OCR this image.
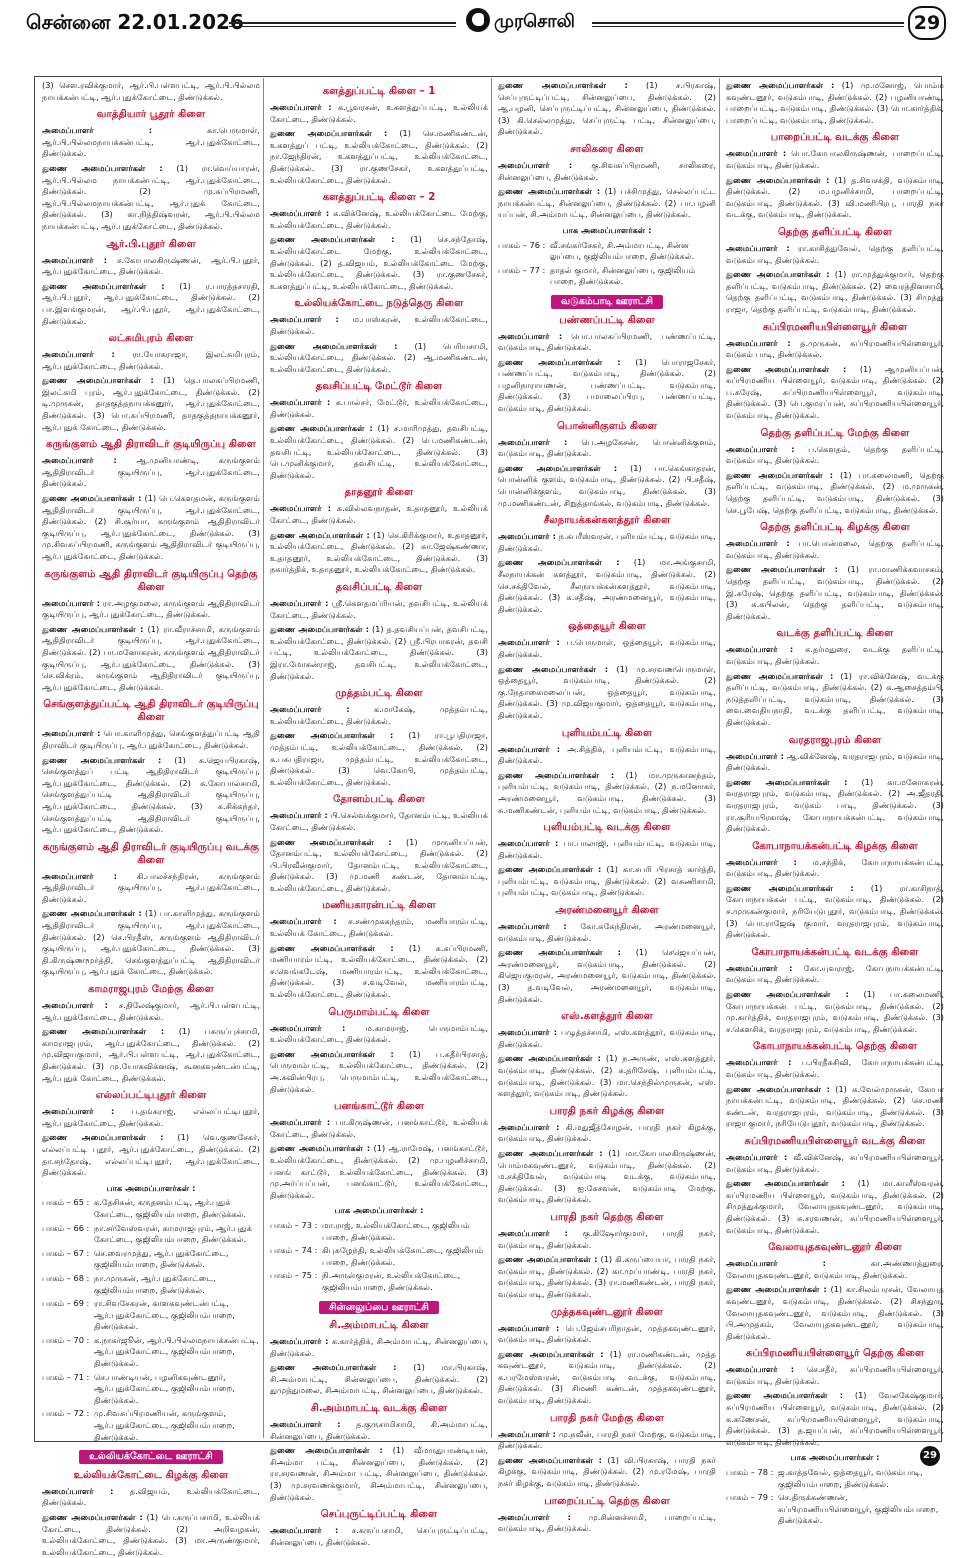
சென்னை 22.01.2026	முரசொலி	29

(3) சௌ.ரவிக்குமார், ஆர்.பி.பள்ளபட்டி, ஆர்.பி.பில்லம நாயக்கன்பட்டி, ஆர்.புதுக்கோட்டை, திண்டுக்கல்.

வாத்தியார் பூதூர் கிளை

அமைப்பாளர் :	கா.பெருமாள், ஆர்.பி.பில்லமநாயக்கன்பட்டி, ஆர்.புதுக்கோட்டை, திண்டுக்கல்.

துணை அமைப்பாளர்கள் : (1) ரா.வெய்யாரன், ஆர்.பி.பில்லம நாயக்கன்பட்டி, ஆர்.புதுக்கோட்டை, திண்டுக்கல். (2) மு.சுப்பிரமணி, ஆர்.பி.பில்லமநாயக்கன்பட்டி, ஆர்.புதுக் கோட்டை, திண்டுக்கல். (3) கா.நித்திஷ்வரன், ஆர்.பி.பில்லம நாயக்கன்பட்டி, ஆர்.புதுக்கோட்டை, திண்டுக்கல்.

ஆர்.பி.புதூர் கிளை

அமைப்பாளர் : ச.கோபாலகிருஷ்ணன், ஆர்.பி.புதூர், ஆர்.புதுக்கோட்டை, திண்டுக்கல்.

துணை அமைப்பாளர்கள் : (1) ர.பாரத்தசாரதி, ஆர்.பி.புதூர், ஆர்.புதுக்கோட்டை, திண்டுக்கல். (2) பா.இளங்குமரன், ஆர்.பி.புதூர், ஆர்.புதுக்கோட்டை, திண்டுக்கல்.

லட்சுமிபுரம் கிளை

அமைப்பாளர் : ரா.யோகராஜா, இலட்சுமிபுரம், ஆர்.புதுக்கோட்டை, திண்டுக்கல்.

துணை அமைப்பாளர்கள் : (1) தெ.பாலசுப்பிரமணி, இலட்சுமி புரம், ஆர்.புதுக்கோட்டை, திண்டுக்கல். (2) டி.முருகன், தாதகுத்தநாயக்கனூர், ஆர்.புதுக்கோட்டை, திண்டுக்கல். (3) பொ.சுப்பிரமணி, தாதகுத்தநாயக்கனூர், ஆர்.புதுக் கோட்டை, திண்டுக்கல்.

கருங்குளம் ஆதி திராவிடர் குடியிருப்பு கிளை

அமைப்பாளர் : ஆ.முனியாண்டி, கருங்குளம் ஆதிதிராவிடர் குடியிருப்பு, ஆர்.புதுக்கோட்டை, திண்டுக்கல்.

துணை அமைப்பாளர்கள் : (1) பெ.கௌதமன், கருங்குளம் ஆதிதிராவிடர் குடியிருப்பு, ஆர்.புதுக்கோட்டை, திண்டுக்கல். (2) சி.சூர்யா, கருங்குளம் ஆதிதிராவிடர் குடியிருப்பு, ஆர்.புதுக்கோட்டை, திண்டுக்கல். (3) மு.சிவசுப்பிரமணி, கருங்குளம் ஆதிதிராவிடர் குடியிருப்பு, ஆர்.புதுக்கோட்டை, திண்டுக்கல்.

கருங்குளம் ஆதி திராவிடர் குடியிருப்பு தெற்கு கிளை

அமைப்பாளர் : ரா.அழகுமலை, கருங்குளம் ஆதிதிராவிடர் குடியிருப்பு, ஆர்.புதுக்கோட்டை, திண்டுக்கல்.

துணை அமைப்பாளர்கள் : (1) ரா.வீராச்சாமி, கருங்குளம் ஆதிதிராவிடர் குடியிருப்பு, ஆர்.புதுக்கோட்டை, திண்டுக்கல். (2) பா.மனோகரன், கருங்குளம் ஆதிதிராவிடர் குடியிருப்பு, ஆர்.புதுக்கோட்டை, திண்டுக்கல். (3) செ.விக்ரம், கருங்குளம் ஆதிதிராவிடர் குடியிருப்பு, ஆர்.புதுக்கோட்டை, திண்டுக்கல்.

செங்குளத்துப்பட்டி ஆதி திராவிடர் குடியிருப்பு கிளை

அமைப்பாளர் : பொ.காளிமுத்து, செங்குளத்துப்பட்டி ஆதி திராவிடர் குடியிருப்பு, ஆர்.புதுக்கோட்டை, திண்டுக்கல்.

துணை அமைப்பாளர்கள் : (1) சு.ஜெயபிரகாஷ், செங்குளத்துப் பட்டி ஆதிதிராவிடர் குடியிருப்பு, ஆர்.புதுக்கோட்டை, திண்டுக்கல். (2) க.கோபால்சாமி, செங்குளத்துப்பட்டி ஆதிதிராவிடர் குடியிருப்பு, ஆர்.புதுக்கோட்டை, திண்டுக்கல். (3) க.சிக்கந்தர், செங்குளத்துப்பட்டி ஆதிதிராவிடர் குடியிருப்பு, ஆர்.புதுக்கோட்டை, திண்டுக்கல்.

கருங்குளம் ஆதி திராவிடர் குடியிருப்பு வடக்கு கிளை

அமைப்பாளர் : கி.பாலச்சந்திரன், கருங்குளம் ஆதிதிராவிடர் குடியிருப்பு, ஆர்.புதுக்கோட்டை, திண்டுக்கல்.

துணை அமைப்பாளர்கள் : (1) பா.காளிமுத்து, கருங்குளம் ஆதிதிராவிடர் குடியிருப்பு, ஆர்.புதுக்கோட்டை, திண்டுக்கல். (2) செ.பிரதீஸ், கருங்குளம் ஆதிதிராவிடர் குடியிருப்பு, ஆர்.புதுக்கோட்டை, திண்டுக்கல். (3) தி.கிருஷ்ணமூர்த்தி, செங்குளத்துப்பட்டி ஆதிதிராவிடர் குடியிருப்பு, ஆர்.புதுக் கோட்டை, திண்டுக்கல்.

காமராஜபுரம் மேற்கு கிளை

அமைப்பாளர் : ச.திலேஷ்குமார், ஆர்.பி.பள்ளபட்டி, ஆர்.புதுக்கோட்டை, திண்டுக்கல்.

துணை அமைப்பாளர்கள் : (1) பசுருப்புச்சாமி, காமராஜபுரம், ஆர்.புதுக்கோட்டை, திண்டுக்கல். (2) மு.விஜயகுமார், ஆர்.பி.பள்ளபட்டி, ஆர்.புதுக்கோட்டை, திண்டுக்கல். (3) மு.யோகவிக்னஷ், கூனகவுண்டன்பட்டி, ஆர்.புதுக் கோட்டை, திண்டுக்கல்.

எல்லப்பட்டிபுதூர் கிளை

அமைப்பாளர் : ப.தங்கராஜ், எல்லப்பட்டிபுதூர், ஆர்.புதுக்கோட்டை, திண்டுக்கல்.

துணை அமைப்பாளர்கள் : (1) வெ.குணசேகர், எல்லப்பட்டி புதூர், ஆர்.புதுக்கோட்டை, திண்டுக்கல். (2) தா.சந்தோஷ், எல்லப்பட்டிபுதூர், ஆர்.புதுக்கோட்டை, திண்டுக்கல்.

பாக அமைப்பாளர்கள் :
பாகம் – 65 : க.தேசிகன், கருதனம்பட்டி, ஆர்.புதுக் கோட்டை, குஜிலியம்பாறை, திண்டுக்கல்.
பாகம் – 66 : நா.சர்வேஸ்வரன், காமராஜபுரம், ஆர்.புதுக் கோட்டை, குஜிலியம்பாறை, திண்டுக்கல்.
பாகம் – 67 : செ.வைரமுத்து, ஆர்.புதுக்கோட்டை, குஜிலியம்பாறை, திண்டுக்கல்.
பாகம் – 68 : நா.முருகன், ஆர்.புதுக்கோட்டை, குஜிலியம்பாறை, திண்டுக்கல்.
பாகம் – 69 : ரா.சிவசேகரன், காளகவுண்டன்பட்டி, ஆர்.புதுக்கோட்டை, குஜிலியம்பாறை, திண்டுக்கல்.
பாகம் – 70 : க.நாகர்ஜூன், ஆர்.பி.பில்லமநாயக்கன்பட்டி, ஆர்.புதுக்கோட்டை, குஜிலியம்பாறை, திண்டுக்கல்.
பாகம் – 71 : செ.பாண்டியன், பழனிகவுண்டனூர், ஆர்.புதுக்கோட்டை, குஜிலியம்பாறை, திண்டுக்கல்.
பாகம் – 72 : மு.சிவசுப்பிரமணியன், கருங்குளம், ஆர்.புதுக்கோட்டை, குஜிலியம்பாறை, திண்டுக்கல்.
உல்லியக்கோட்டை ஊராட்சி
உல்லியக்கோட்டை கிழக்கு கிளை

அமைப்பாளர் : த.விஜயம், உல்லியக்கோட்டை, திண்டுக்கல்.

துணை அமைப்பாளர்கள் : (1) பெ.கருப்பசாமி, உல்லியக் கோட்டை, திண்டுக்கல். (2) அறிவழகன், உல்லியக்கோட்டை, திண்டுக்கல். (3) மா.அருண்குமார், உல்லியக்கோட்டை, திண்டுக்கல்.

களத்துப்பட்டி கிளை – 1

அமைப்பாளர் : க.பூவரசன், உகளத்துப்பட்டி, உல்லியக் கோட்டை, திண்டுக்கல்.

துணை அமைப்பாளர்கள் : (1) செ.மணிகண்டன், உகளத்துப் பட்டி, உல்லியக்கோட்டை, திண்டுக்கல். (2) நா.ஜேந்திரன், உகளத்துப்பட்டி, உல்லியக்கோட்டை, திண்டுக்கல். (3) ரா.குணசேகர், உகளத்துப்பட்டி, உல்லியக்கோட்டை, திண்டுக்கல்.

களத்துப்பட்டி கிளை – 2

அமைப்பாளர் : க.விக்னேஷ், உல்லியக்கோட்டை மேற்கு, உல்லியக்கோட்டை, திண்டுக்கல்.

துணை அமைப்பாளர்கள் : (1) செ.சந்தோஷ், உல்லியக்கோட்டை மேற்கு, உல்லியக்கோட்டை, திண்டுக்கல். (2) த.விஜயம், உல்லியக்கோட்டை மேற்கு, உல்லியக்கோட்டை, திண்டுக்கல். (3) ரா.குணசேகர், உகளத்துப்பட்டி, உல்லியக்கோட்டை, திண்டுக்கல்.

உல்லியக்கோட்டை நடுத்தெரு கிளை

அமைப்பாளர் : ம.பாஸ்கரன், உல்லியக்கோட்டை, திண்டுக்கல்.

துணை அமைப்பாளர்கள் : (1) பெரியசாமி, உல்லியக்கோட்டை, திண்டுக்கல். (2) ஆ.மணிகண்டன், உல்லியக்கோட்டை, திண்டுக்கல்.

தவசிப்பட்டி மேட்டூர் கிளை

அமைப்பாளர் : க.பால்சர், மேட்டூர், உல்லியக்கோட்டை, திண்டுக்கல்.

துணை அமைப்பாளர்கள் : (1) ச.மாரிமுத்து, தவசிபட்டி, உல்லியக்கோட்டை, திண்டுக்கல். (2) பெ.மணிகண்டன், தவசிபட்டி, உல்லியக்கோட்டை, திண்டுக்கல். (3) பெ.முனிக்குமார், தவசிபட்டி, உல்லியக்கோட்டை, திண்டுக்கல்.

தாதனூர் கிளை

அமைப்பாளர் : க.வில்லவநாதன், உதாதனூர், உல்லியக் கோட்டை, திண்டுக்கல்.

துணை அமைப்பாளர்கள் : (1) செ.கிரிக்குமார், உதாதனூர், உல்லியக்கோட்டை, திண்டுக்கல். (2) கா.ஜேஷ்கண்ணா, உதாதனூர், உல்லியக்கோட்டை, திண்டுக்கல். (3) நகார்த்திக், உதாதனூர், உல்லியக்கோட்டை, திண்டுக்கல்.

தவசிப்பட்டி கிளை

அமைப்பாளர் : ஸ்ரீ.கௌதமப்ரியன், தவசிபட்டி, உல்லியக் கோட்டை, திண்டுக்கல்.

துணை அமைப்பாளர்கள் : (1) த.தவசியப்பன், தவசிபட்டி, உல்லியக்கோட்டை, திண்டுக்கல். (2) ஸ்ரீ.பிரபாகரன், தவசி பட்டி, உல்லியக்கோட்டை, திண்டுக்கல். (3) இரா.மோகன்ராஜ், தவசிபட்டி, உல்லியக்கோட்டை, திண்டுக்கல்.

முத்தம்பட்டி கிளை

அமைப்பாளர் :	க.மாகேஷ், முத்தம்பட்டி, உல்லியக்கோட்டை, திண்டுக்கல்.

துணை அமைப்பாளர்கள் : (1) ரா.பூபதிராஜா, முத்தம்பட்டி, உல்லியக்கோட்டை, திண்டுக்கல். (2) க.பசுபதிராஜா, முத்தம்பட்டி, உல்லியக்கோட்டை, திண்டுக்கல். (3) வெ.கோபி, முத்தம்பட்டி, உல்லியக்கோட்டை, திண்டுக்கல்.

தோனம்பட்டி கிளை

அமைப்பாளர் : பி.செல்வக்குமார், தோனம்பட்டி, உல்லியக் கோட்டை, திண்டுக்கல்.

துணை அமைப்பாளர்கள் : (1) முருனியப்பன், தோனம்பட்டி, உல்லியக்கோட்டை, திண்டுக்கல். (2) பி.பிரவீன்குமார், தோனம்பட்டி, உல்லியக்கோட்டை, திண்டுக்கல். (3) மு.மணி கண்டன், தோனம்பட்டி, உல்லியக்கோட்டை, திண்டுக்கல்.

மணியகாரன்பட்டி கிளை

அமைப்பாளர் : ச.சண்முகசுந்தரம், மணியாரம்பட்டி, உல்லியக் கோட்டை, திண்டுக்கல்.

துணை அமைப்பாளர்கள் : (1) க.சுப்பிரமணி, மணியாரம்பட்டி, உல்லியக்கோட்டை, திண்டுக்கல். (2) ச.வெங்கடேஷ், மணியாரம்பட்டி, உல்லியக்கோட்டை, திண்டுக்கல். (3) ச.வடிவேல், மணியாரம்பட்டி, உல்லியக்கோட்டை, திண்டுக்கல்.

பெருமாம்பட்டி கிளை

அமைப்பாளர் : ம.காமராஜ், பெருமாம்பட்டி, உல்லியக்கோட்டை, திண்டுக்கல்.

துணை அமைப்பாளர்கள் : (1) ப.சுதீர்பிரசாத், பெருமாம்பட்டி, உல்லியக்கோட்டை, திண்டுக்கல். (2) அ.சுவின்பிரபு, பெருமாம்பட்டி, உல்லியக்கோட்டை, திண்டுக்கல்.

பனங்காட்டூர் கிளை

அமைப்பாளர் : பா.கிருஷ்ணன், பனங்காட்டூர், உல்லியக் கோட்டை, திண்டுக்கல்.

துணை அமைப்பாளர்கள் : (1) ஆ.ராமேஷ், பனங்காட்டூர், உல்லியக்கோட்டை, திண்டுக்கல். (2) மு.பழனிச்சாமி, பனங் காட்டூர், உல்லியக்கோட்டை, திண்டுக்கல். (3) மு.அர்ப்பப்பன், பனங்காட்டூர், உல்லியக்கோட்டை, திண்டுக்கல்.

பாக அமைப்பாளர்கள் :
பாகம் – 73 : மா.ராஜ், உல்லியக்கோட்டை, குஜிலியம் பாறை, திண்டுக்கல்.
பாகம் – 74 : கிபுகழேந்தி, உல்லியக்கோட்டை, குஜிலியம் பாறை, திண்டுக்கல்.
பாகம் – 75 : நி.அருள்குமரன், உல்லியக்கோட்டை, குஜிலியம்பாறை, திண்டுக்கல்.
சின்னலுப்பை ஊராட்சி
சி.அம்மாபட்டி கிளை

அமைப்பாளர் : க.கார்த்திக், சிஅம்மாபட்டி, சின்னலுப்பை, திண்டுக்கல்.

துணை அமைப்பாளர்கள் : (1) மா.பிரகாஷ், சி.அம்மாபட்டி, சின்னலுப்பை, திண்டுக்கல். (2) துமுத்துமலை, சிஅம்மாபட்டி, சின்னலுப்பை, திண்டுக்கல்.

சி.அம்மாபட்டி வடக்கு கிளை

அமைப்பாளர் : த.குருசாமிசாமி, சி.அம்மாபட்டி, சின்னலுப்பை, திண்டுக்கல்.

துணை அமைப்பாளர்கள் : (1) வீமருதுபாண்டியன், சிஅம்மா பட்டி, சின்னலுப்பை, திண்டுக்கல். (2) ரா.சரவணன், சிஅம்மா பட்டி, சின்னலுப்பை, திண்டுக்கல். (3) மு.சரவணக்குமார், சிஅம்மாபட்டி, சின்னலுப்பை, திண்டுக்கல்.

செப்புருட்டிப்பட்டி கிளை

அமைப்பாளர் : ச.கருப்பசாமி, செப்புருட்டிப்பட்டி, சின்னலுப்பை, திண்டுக்கல்.

துணை அமைப்பாளர்கள் : (1) ச.பிரகாஷ், செப்புருட்டிப்பட்டி, சின்னலுப்பை, திண்டுக்கல். (2) ஆ.பழனி, செப்புருட்டிப்பட்டி, சின்னலுப்பை, திண்டுக்கல். (3) கி.செல்லமுத்து, செப்புருட்டி பட்டி, சின்னலுப்பை, திண்டுக்கல்.

சாலிகரை கிளை

அமைப்பாளர் : கு.சிவசுப்பிரமணி, சாலிகரை, சின்னலுப்பை, திண்டுக்கல்.

துணை அமைப்பாளர்கள் : (1) பச்சிமுத்து, செல்லப்பட்ட நாயக்கன்பட்டி, சின்னலுப்பை, திண்டுக்கல். (2) பா.பழனி யப்பன், சி.அம்மாபட்டி, சின்னலுப்பை, திண்டுக்கல்.

பாக அமைப்பாளர்கள் :
பாகம் – 76 : வீ.சங்கர்சேகர், சி.அம்மாபட்டி, சின்ன லுப்பை, குஜிலியம்பாறை, திண்டுக்கல்.
பாகம் – 77 : தாதல் குமார், சின்னலுப்பை, குஜிலியம் பாறை, திண்டுக்கல்.
வடுகம்பாடி ஊராட்சி
பண்ணப்பட்டி கிளை

அமைப்பாளர் : பொ.பாலசுப்பிரமணி, பண்ணப்பட்டி, வடுகம்பாடி, திண்டுக்கல்.

துணை அமைப்பாளர்கள் : (1) பொராஜசேகர், பண்ணப்பட்டி, வடுகம்பாடி, திண்டுக்கல். (2) பழனிநாராயணன், பண்ணப்பட்டி, வடுகம்பாடி, திண்டுக்கல். (3) பமாலைப்பிரபு, பண்ணப்பட்டி, வடுகம்பாடி, திண்டுக்கல்.

பொன்னிகுளம் கிளை

அமைப்பாளர் : பெ.அழகேசன், பொன்னிக்குளம், வடுகம்பாடி, திண்டுக்கல்.

துணை அமைப்பாளர்கள் : (1) பா.கெங்காதரன், பொன்னிக் குளம், வடுகம்பாடி, திண்டுக்கல். (2) பி.சதீஷ், பொன்னிக்குளம், வடுகம்பாடி, திண்டுக்கல். (3) மு.மணிகண்டன், சிறுத்தாங்கல், வடுகம்பாடி, திண்டுக்கல்.

சீலநாயக்கன்களத்தூர் கிளை

அமைப்பாளர் : ந.சுபரீஸ்வரன், புளியம்பட்டி, வடுகம்பாடி, திண்டுக்கல்.

துணை அமைப்பாளர்கள் : (1) மா.அங்குசாமி, சீலநாயக்கன் களத்தூர், வடுகம்பாடி, திண்டுக்கல். (2) செ.சக்திவேல், சீலநாயக்கன்களத்தூர், வடுகம்பாடி, திண்டுக்கல். (3) சு.சதீஷ், அரண்மனையூர், வடுகம்பாடி, திண்டுக்கல்.

ஒத்தையூர் கிளை

அமைப்பாளர் : ப.பெருமாள், ஒத்தையூர், வடுகம்பாடி, திண்டுக்கல்.

துணை அமைப்பாளர்கள் : (1) மு.சரவணபெருமாள், ஒத்தையூர், வடுகம்பாடி, திண்டுக்கல். (2) கு.நேதாகைமலைப்பன், ஒத்தையூர், வடுகம்பாடி, திண்டுக்கல். (3) மு.விஜயகுமார், ஒத்தையூர், வடுகம்பாடி, திண்டுக்கல்.

புளியம்பட்டி கிளை

அமைப்பாளர் : அ.சித்திக், புளியம்பட்டி, வடுகம்பாடி, திண்டுக்கல்.

துணை அமைப்பாளர்கள் : (1) மா.முருகானந்தம், புளியம்பட்டி, வடுகம்பாடி, திண்டுக்கல். (2) ந.மனோகர், அரண்மனையூர், வடுகம்பாடி, திண்டுக்கல். (3) சு.மணிகண்டன், புளியம்பட்டி, வடுகம்பாடி, திண்டுக்கல்.

புளியம்பட்டி வடக்கு கிளை

அமைப்பாளர் : பா.பாலாஜி, புளியம்பட்டி, வடுகம்பாடி, திண்டுக்கல்.

துணை அமைப்பாளர்கள் : (1) கா.சபரி பிரசாத் கார்த்தி, புளியம்பட்டி, வடுகம்பாடி, திண்டுக்கல். (2) வசுணிசாமி, புளியம்பட்டி, வடுகம்பாடி, திண்டுக்கல்.

அரண்மனையூர் கிளை

அமைப்பாளர் : கோ.சுகேந்திரன், அரண்மனையூர், வடுகம்பாடி, திண்டுக்கல்.

துணை அமைப்பாளர்கள் : (1) செஜெயப்பன், அரண்மனையூர், வடுகம்பாடி, திண்டுக்கல். (2) கிஜெயகுமரன், அரண்மனையூர், வடுகம்பாடி, திண்டுக்கல். (3) த.வடிவேல், அரண்மனையூர், வடுகம்பாடி, திண்டுக்கல்.

எஸ்.களத்தூர் கிளை

அமைப்பாளர் : பழுத்தச்சாமி, எஸ்.களத்தூர், வடுகம்பாடி, திண்டுக்கல்.

துணை அமைப்பாளர்கள் : (1) ந.அருண், எஸ்.களத்தூர், வடுகம்பாடி, திண்டுக்கல். (2) க.தரிசேஷ், புளியம்பட்டி, வடுகம்பாடி, திண்டுக்கல். (3) மா.செந்தில்முருகன், எஸ். களத்தூர், வடுகம்பாடி, திண்டுக்கல்.

பாரதி நகர் கிழக்கு கிளை

அமைப்பாளர் : கி.மதுஜீத்சோழன், பாரதி நகர் கிழக்கு, வடுகம்பாடி, திண்டுக்கல்.

துணை அமைப்பாளர்கள் : (1) மா.கோபாலகிருஷ்ணன், பொம்மகவுண்டனூர், வடுகம்பாடி, திண்டுக்கல். (2) ம.சக்திவேல், வடுகம்பாடி வடக்கு, வடுகம்பாடி, திண்டுக்கல். (3) ஐ.கேசவன், வடுகம்பாடி மேற்கு, வடுகம்பாடி, திண்டுக்கல்.

பாரதி நகர் தெற்கு கிளை

அமைப்பாளர் : கு.கிஷோர்குமார், பாரதி நகர், வடுகம்பாடி, திண்டுக்கல்.

துணை அமைப்பாளர்கள் : (1) கி.கருப்பையா, பாரதி நகர், வடுகம்பாடி, திண்டுக்கல். (2) கா.முப்பாண்டி, பாரதி நகர், வடுகம்பாடி, திண்டுக்கல். (3) ரா.மணிகண்டன், பாரதி நகர், வடுகம்பாடி, திண்டுக்கல்.

முத்தகவுண்டனூர் கிளை

அமைப்பாளர் : பெ.ஜேம்சபரிநாதன், முத்தகவுண்டனூர், வடுகம்பாடி, திண்டுக்கல்.

துணை அமைப்பாளர்கள் : (1) ரா.மணிகண்டன், முத்த கவுண்டனூர், வடுகம்பாடி, திண்டுக்கல். (2) க.பரமேஸ்வரன், வடுகம்பாடி வடக்கு, வடுகம்பாடி, திண்டுக்கல். (3) சிமணி கண்டன், முத்தகவுண்டனூர், வடுகம்பாடி, திண்டுக்கல்.

பாரதி நகர் மேற்கு கிளை

அமைப்பாளர் : மு.நவீன், பாரதி நகர் மேற்கு, வடுகம்பாடி, திண்டுக்கல்.

துணை அமைப்பாளர்கள் : (1) வி.பிரகாஷ், பாரதி நகர் கிழக்கு, வடுகம்பாடி, திண்டுக்கல். (2) மு.ரமேஷ், பாரதி நகர் கிழக்கு, வடுகம்பாடி, திண்டுக்கல்.

பாறைப்பட்டி தெற்கு கிளை

அமைப்பாளர் : மு.சின்னச்சாமி, பாறைப்பட்டி, வடுகம்பாடி, திண்டுக்கல்.

துணை அமைப்பாளர்கள் : (1) மு.மனோஜ், பொம்ம கவுண்டனூர், வடுகம்பாடி, திண்டுக்கல். (2) பழனியாண்டி, பாறைப்பட்டி, வடுகம்பாடி, திண்டுக்கல். (3) பொ.கார்த்திக், பாறைப்பட்டி, வடுகம்பாடி, திண்டுக்கல்.

பாறைப்பட்டி வடக்கு கிளை

அமைப்பாளர் : பொ.கோபாலகிருஷ்ணன், பாறைப்பட்டி, வடுகம்பாடி, திண்டுக்கல்.

துணை அமைப்பாளர்கள் : (1) த.சிவசக்தி, வடுகம்பாடி, திண்டுக்கல். (2) ம.பழனிச்சாமி, பாறைப்பட்டி, வடுகம்பாடி, திண்டுக்கல். (3) வி.மணிபிரபு, பாரதி நகர் வடக்கு, வடுகம்பாடி, திண்டுக்கல்.

தெற்கு தளிப்பட்டி கிளை

அமைப்பாளர் : ரா.காசித்துவேல், தெற்கு தளிப்பட்டி, வடுகம்பாடி, திண்டுக்கல்.

துணை அமைப்பாளர்கள் : (1) ரா.முத்துக்குமார், தெற்கு தளிப்பட்டி, வடுகம்பாடி, திண்டுக்கல். (2) வைரத்தினசாமி, தெற்கு தளிப்பட்டி, வடுகம்பாடி, திண்டுக்கல். (3) சிமுத்து ராஜா, தெற்கு தளிப்பட்டி, வடுகம்பாடி, திண்டுக்கல்.

சுப்பிரமணியபிள்ளையூர் கிளை

அமைப்பாளர் : த.முருகன், சுப்பிரமணியபிள்ளையூர், வடுகம் பாடி, திண்டுக்கல்.

துணை அமைப்பாளர்கள் : (1) ஆமுனியப்பன், சுப்பிரமணிய பிள்ளையூர், வடுகம்பாடி, திண்டுக்கல். (2) ப.சுரேஷ், சுப்பிரமணியபிள்ளையூர், வடுகம்பாடி, திண்டுக்கல். (3) பெ.குமரப்பன், சுப்பிரமணியபிள்ளையூர், வடுகம்பாடி, திண்டுக்கல்.

தெற்கு தளிப்பட்டி மேற்கு கிளை

அமைப்பாளர் : ப.கௌதம், தெற்கு தளிப்பட்டி, வடுகம்பாடி, திண்டுக்கல்.

துணை அமைப்பாளர்கள் : (1) பா.கலைமணி, தெற்கு தளிப்பட்டி, வடுகம்பாடி, திண்டுக்கல். (2) ம.முருகன், தெற்கு தளிப்பட்டி, வடுகம்பாடி, திண்டுக்கல். (3) செ.பூபேஷ், தெற்கு தளிப்பட்டி, வடுகம்பாடி, திண்டுக்கல்.

தெற்கு தளிப்பட்டி கிழக்கு கிளை

அமைப்பாளர் : பா.பொன்மலை, தெற்கு தளிப்பட்டி, வடுகம்பாடி, திண்டுக்கல்.

துணை அமைப்பாளர்கள் : (1) ரா.மாணிக்கவாசகம், தெற்கு தளிப்பட்டி, வடுகம்பாடி, திண்டுக்கல். (2) இ.சுரேஷ், தெற்கு தளிப்பட்டி, வடுகம்பாடி, திண்டுக்கல். (3) க.கபிலன், தெற்கு தளிப்பட்டி, வடுகம்பாடி, திண்டுக்கல்.

வடக்கு தளிப்பட்டி கிளை

அமைப்பாளர் : க.தர்மதுரை, வடக்கு தளிப்பட்டி, வடுகம்பாடி, திண்டுக்கல்.

துணை அமைப்பாளர்கள் : (1) ரா.விக்னேஷ், வடக்கு தளிப்பட்டி, வடுகம்பாடி, திண்டுக்கல். (2) க.ஆசைத்தம்பி, நடுத்தளிப்பட்டி, வடுகம்பாடி, திண்டுக்கல். (3) வை.வைதியநாதி, வடக்கு தளிப்பட்டி, வடுகம்பாடி, திண்டுக்கல்.

வரதராஜபுரம் கிளை

அமைப்பாளர் : ஆ.விக்னேஷ், வரதராஜபுரம், வடுகம்பாடி, திண்டுக்கல்.

துணை அமைப்பாளர்கள் : (1) கா.மனோகரன், வரதராஜபுரம், வடுகம்பாடி, திண்டுக்கல். (2) அ.ஜீதரதி, வரதராஜபுரம், வடுகம் பாடி, திண்டுக்கல். (3) ரா.சூரியபிரகாஷ், கோபாநாயக்கன்பட்டி, வடுகம்பாடி, திண்டுக்கல்.

கோபாநாயக்கன்பட்டி கிழக்கு கிளை

அமைப்பாளர் : ம.சந்திக், கோபாநாயக்கன்பட்டி, வடுகம்பாடி, திண்டுக்கல்.

துணை அமைப்பாளர்கள் : (1) ரா.காசிநாத், கோபாநாயக்கன் பட்டி, வடுகம்பாடி, திண்டுக்கல். (2) ச.முருகன்குமார், நரியேடுபுதூர், வடுகம்பாடி, திண்டுக்கல். (3) பொ.ராஜேஷ் குமார், வரதராஜபுரம், வடுகம்பாடி, திண்டுக்கல்.

கோபாநாயக்கன்பட்டி வடக்கு கிளை

அமைப்பாளர் : கோ.யுவராஜ், கோபநாயக்கன்பட்டி, வடுகம்பாடி, திண்டுக்கல்.

துணை அமைப்பாளர்கள் : (1) பா.கலைமணி, கோபாநாயக்கன் பட்டி, வடுகம்பாடி, திண்டுக்கல். (2) மு.கார்த்திக், வரதராஜபுரம், வடுகம்பாடி, திண்டுக்கல். (3) ச.கௌசிக், வரதராஜபுரம், வடுகம்பாடி, திண்டுக்கல்.

கோபாநாயக்கன்பட்டி தெற்கு கிளை

அமைப்பாளர் : ப.பிரதீசுசிவி, கோபாநாயக்கன்பட்டி, வடுகம்பாடி, திண்டுக்கல்.

துணை அமைப்பாளர்கள் : (1) க.வேல்முருகன், கோபா நாயக்கன்பட்டி, வடுகம்பாடி, திண்டுக்கல். (2) செ.மணி கண்டன், வரதராஜபுரம், வடுகம்பாடி, திண்டுக்கல். (3) ராஜா குமார், நரியேடுபுதூர், வடுகம்பாடி, திண்டுக்கல்.

சுப்பிரமணியபிள்ளையூர் வடக்கு கிளை

அமைப்பாளர் : வீ.விக்னேஷ், சுப்பிரமணியபிள்ளையூர், வடுகம்பாடி, திண்டுக்கல்.

துணை அமைப்பாளர்கள் : (1) மா.காளீஸ்வரன், சுப்பிரமணிய பிள்ளையூர், வடுகம்பாடி, திண்டுக்கல். (2) சிமுத்துக்குமார், வேலாயுதகவுண்டனூர், வடுகம்பாடி, திண்டுக்கல். (3) க.சரவணன், சுப்பிரமணியபிள்ளையூர், வடுகம்பாடி, திண்டுக்கல்.

வேலாயுதகவுண்டனூர் கிளை

அமைப்பாளர் :	கா.அண்ணாத்துரை, வேலாயுதகவுண்டனூர், வடுகம்பாடி, திண்டுக்கல்.

துணை அமைப்பாளர்கள் : (1) கா.சிலம்பரசன், வேலாயுத கவுண்டனூர், வடுகம்பாடி, திண்டுக்கல். (2) சிசந்துரு, வேலாயுதகவுண்டனூர், வடுகம்பாடி, திண்டுக்கல். (3) பி.அமுதகம், வேலாயுதகவுண்டனூர், வடுகம்பாடி, திண்டுக்கல்.

சுப்பிரமணியபிள்ளையூர் தெற்கு கிளை

அமைப்பாளர் : செ.சதீர், சுப்பிரமணியபிள்ளையூர், வடுகம்பாடி, திண்டுக்கல்.

துணை அமைப்பாளர்கள் : (1) வேலகேஷ்குமார், சுப்பிரமணிய பிள்ளையூர், வடுகம்பாடி, திண்டுக்கல். (2) க.கணேசன், சுப்பிரமணியபிள்ளையூர், வடுகம்பாடி, திண்டுக்கல். (3) த.ஜயப்பன், சுப்பிரமணியபிள்ளையூர், வடுகம்பாடி, திண்டுக்கல்.

பாக அமைப்பாளர்கள் :
பாகம் – 78 : ஜ.காத்தவேல், ஒத்தையூர், வடுகம்பாடி, குஜிலியம்பாறை, திண்டுக்கல்.
பாகம் – 79 : செ.திருக்கண்ணன், சுப்பிரமணியபிள்ளையூர், குஜிலியம்பாறை, திண்டுக்கல்.
29
